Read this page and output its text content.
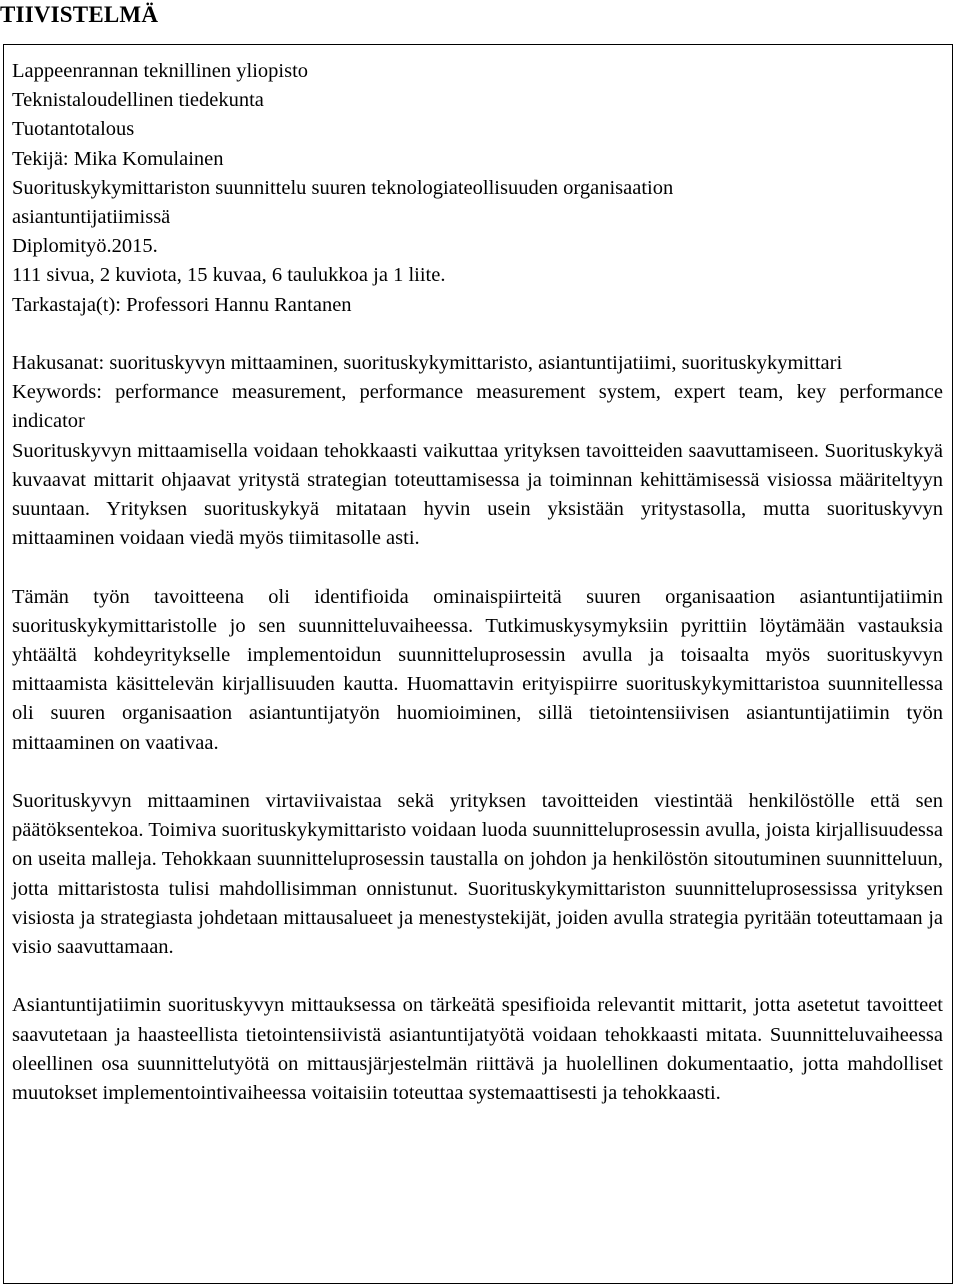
TIIVISTELMÄ
Lappeenrannan teknillinen yliopisto
Teknistaloudellinen tiedekunta
Tuotantotalous
Tekijä: Mika Komulainen
Suorituskykymittariston suunnittelu suuren teknologiateollisuuden organisaation
asiantuntijatiimissä
Diplomityö.2015.
111 sivua, 2 kuviota, 15 kuvaa, 6 taulukkoa ja 1 liite.
Tarkastaja(t): Professori Hannu Rantanen

Hakusanat: suorituskyvyn mittaaminen, suorituskykymittaristo, asiantuntijatiimi, suorituskykymittari

Keywords: performance measurement, performance measurement system, expert team, key performance indicator

Suorituskyvyn mittaamisella voidaan tehokkaasti vaikuttaa yrityksen tavoitteiden saavuttamiseen. Suorituskykyä kuvaavat mittarit ohjaavat yritystä strategian toteuttamisessa ja toiminnan kehittämisessä visiossa määriteltyyn suuntaan. Yrityksen suorituskykyä mitataan hyvin usein yksistään yritystasolla, mutta suorituskyvyn mittaaminen voidaan viedä myös tiimitasolle asti.

Tämän työn tavoitteena oli identifioida ominaispiirteitä suuren organisaation asiantuntijatiimin suorituskykymittaristolle jo sen suunnitteluvaiheessa. Tutkimuskysymyksiin pyrittiin löytämään vastauksia yhtäältä kohdeyritykselle implementoidun suunnitteluprosessin avulla ja toisaalta myös suorituskyvyn mittaamista käsittelevän kirjallisuuden kautta. Huomattavin erityispiirre suorituskykymittaristoa suunnitellessa oli suuren organisaation asiantuntijatyön huomioiminen, sillä tietointensiivisen asiantuntijatiimin työn mittaaminen on vaativaa.

Suorituskyvyn mittaaminen virtaviivaistaa sekä yrityksen tavoitteiden viestintää henkilöstölle että sen päätöksentekoa. Toimiva suorituskykymittaristo voidaan luoda suunnitteluprosessin avulla, joista kirjallisuudessa on useita malleja. Tehokkaan suunnitteluprosessin taustalla on johdon ja henkilöstön sitoutuminen suunnitteluun, jotta mittaristosta tulisi mahdollisimman onnistunut. Suorituskykymittariston suunnitteluprosessissa yrityksen visiosta ja strategiasta johdetaan mittausalueet ja menestystekijät, joiden avulla strategia pyritään toteuttamaan ja visio saavuttamaan.

Asiantuntijatiimin suorituskyvyn mittauksessa on tärkeätä spesifioida relevantit mittarit, jotta asetetut tavoitteet saavutetaan ja haasteellista tietointensiivistä asiantuntijatyötä voidaan tehokkaasti mitata. Suunnitteluvaiheessa oleellinen osa suunnittelutyötä on mittausjärjestelmän riittävä ja huolellinen dokumentaatio, jotta mahdolliset muutokset implementointivaiheessa voitaisiin toteuttaa systemaattisesti ja tehokkaasti.
